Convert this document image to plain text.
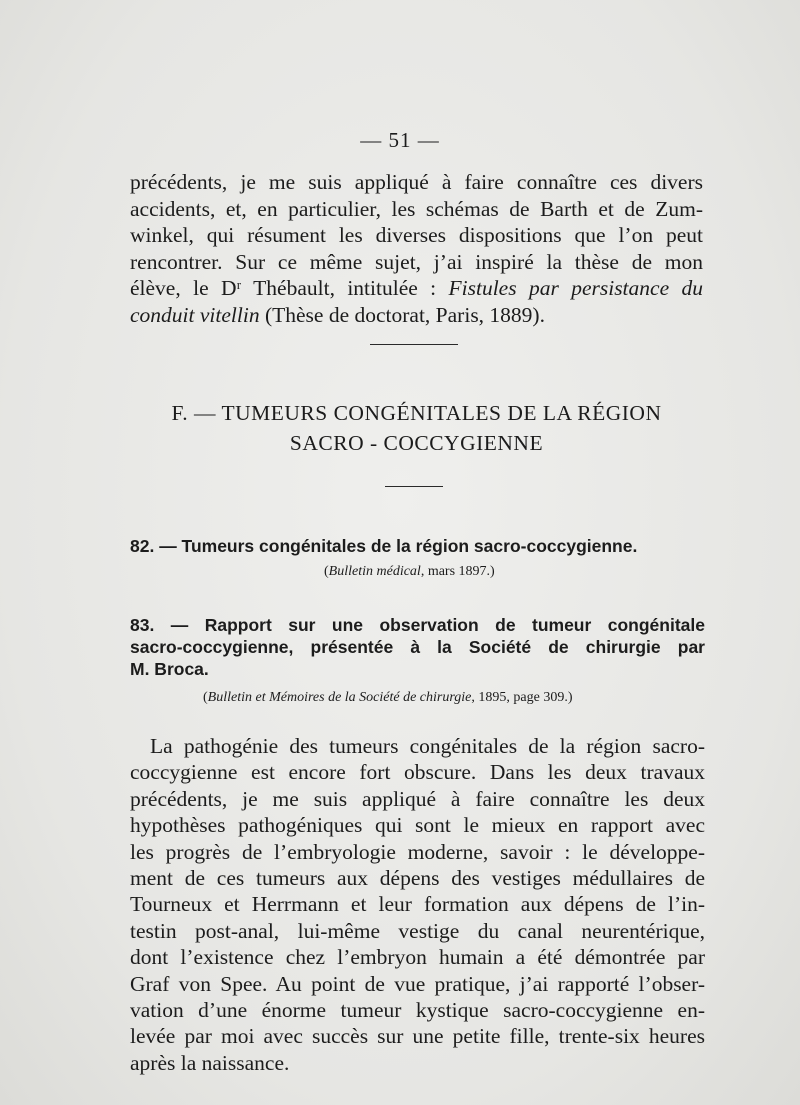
— 51 —
précédents, je me suis appliqué à faire connaître ces divers
accidents, et, en particulier, les schémas de Barth et de Zum-
winkel, qui résument les diverses dispositions que l’on peut
rencontrer. Sur ce même sujet, j’ai inspiré la thèse de mon
élève, le Dʳ Thébault, intitulée : Fistules par persistance du
conduit vitellin (Thèse de doctorat, Paris, 1889).
F. — TUMEURS CONGÉNITALES DE LA RÉGION
SACRO - COCCYGIENNE
82. — Tumeurs congénitales de la région sacro-coccygienne.
(Bulletin médical, mars 1897.)
83. — Rapport sur une observation de tumeur congénitale
sacro-coccygienne, présentée à la Société de chirurgie par
M. Broca.
(Bulletin et Mémoires de la Société de chirurgie, 1895, page 309.)
La pathogénie des tumeurs congénitales de la région sacro-
coccygienne est encore fort obscure. Dans les deux travaux
précédents, je me suis appliqué à faire connaître les deux
hypothèses pathogéniques qui sont le mieux en rapport avec
les progrès de l’embryologie moderne, savoir : le développe-
ment de ces tumeurs aux dépens des vestiges médullaires de
Tourneux et Herrmann et leur formation aux dépens de l’in-
testin post-anal, lui-même vestige du canal neurentérique,
dont l’existence chez l’embryon humain a été démontrée par
Graf von Spee. Au point de vue pratique, j’ai rapporté l’obser-
vation d’une énorme tumeur kystique sacro-coccygienne en-
levée par moi avec succès sur une petite fille, trente-six heures
après la naissance.
